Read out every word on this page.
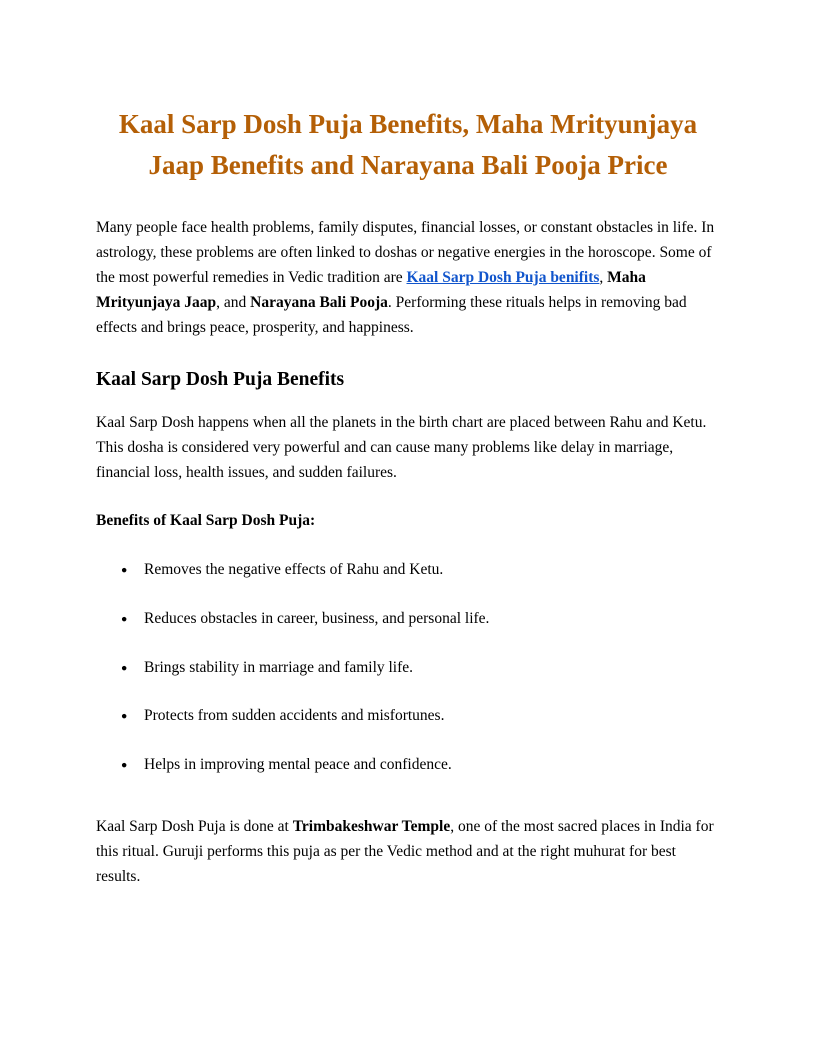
Kaal Sarp Dosh Puja Benefits, Maha Mrityunjaya Jaap Benefits and Narayana Bali Pooja Price

Many people face health problems, family disputes, financial losses, or constant obstacles in life. In astrology, these problems are often linked to doshas or negative energies in the horoscope. Some of the most powerful remedies in Vedic tradition are Kaal Sarp Dosh Puja benifits, Maha Mrityunjaya Jaap, and Narayana Bali Pooja. Performing these rituals helps in removing bad effects and brings peace, prosperity, and happiness.

Kaal Sarp Dosh Puja Benefits

Kaal Sarp Dosh happens when all the planets in the birth chart are placed between Rahu and Ketu. This dosha is considered very powerful and can cause many problems like delay in marriage, financial loss, health issues, and sudden failures.

Benefits of Kaal Sarp Dosh Puja:

● Removes the negative effects of Rahu and Ketu.
● Reduces obstacles in career, business, and personal life.
● Brings stability in marriage and family life.
● Protects from sudden accidents and misfortunes.
● Helps in improving mental peace and confidence.

Kaal Sarp Dosh Puja is done at Trimbakeshwar Temple, one of the most sacred places in India for this ritual. Guruji performs this puja as per the Vedic method and at the right muhurat for best results.
